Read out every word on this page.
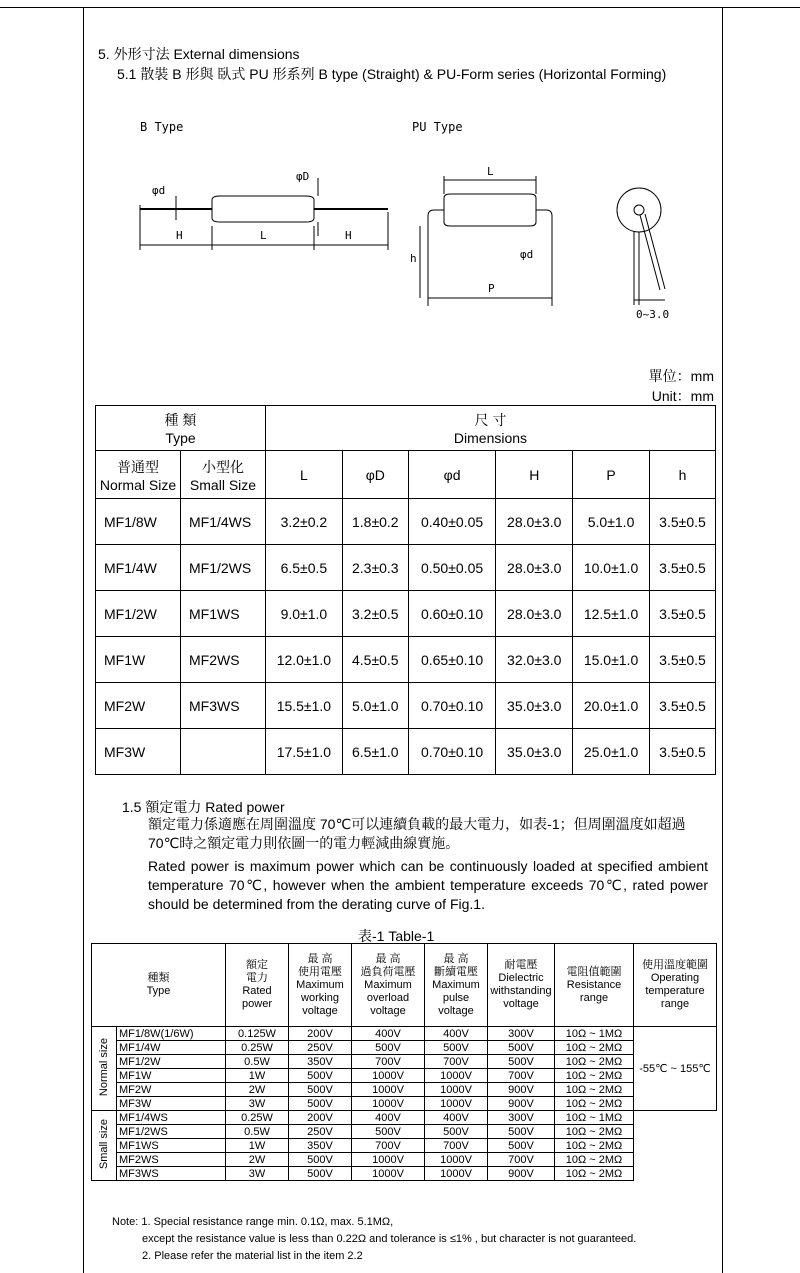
5. 外形寸法 External dimensions
5.1 散裝 B 形與 臥式 PU 形系列 B type (Straight) & PU-Form series (Horizontal Forming)
B Type	PU Type
φd
φD
H	L	H
L
h	φd
P
0~3.0
單位：mm
Unit：mm
種 類
Type		尺 寸
Dimensions					

普通型
Normal Size	小型化
Small Size	L	φD	φd	H	P	h
MF1/8W	MF1/4WS	3.2±0.2	1.8±0.2	0.40±0.05	28.0±3.0	5.0±1.0	3.5±0.5
MF1/4W	MF1/2WS	6.5±0.5	2.3±0.3	0.50±0.05	28.0±3.0	10.0±1.0	3.5±0.5
MF1/2W	MF1WS	9.0±1.0	3.2±0.5	0.60±0.10	28.0±3.0	12.5±1.0	3.5±0.5
MF1W	MF2WS	12.0±1.0	4.5±0.5	0.65±0.10	32.0±3.0	15.0±1.0	3.5±0.5
MF2W	MF3WS	15.5±1.0	5.0±1.0	0.70±0.10	35.0±3.0	20.0±1.0	3.5±0.5
MF3W		17.5±1.0	6.5±1.0	0.70±0.10	35.0±3.0	25.0±1.0	3.5±0.5
1.5 額定電力 Rated power
額定電力係適應在周圍溫度 70℃可以連續負載的最大電力，如表-1；但周圍溫度如超過 70℃時之額定電力則依圖一的電力輕減曲線實施。
Rated power is maximum power which can be continuously loaded at specified ambient temperature 70℃, however when the ambient temperature exceeds 70℃, rated power should be determined from the derating curve of Fig.1.
表-1 Table-1
種類
Type		額定
電力
Rated power	最 高
使用電壓
Maximum
working
voltage	最 高
過負荷電壓
Maximum
overload
voltage	最 高
斷續電壓
Maximum
pulse
voltage	耐電壓
Dielectric
withstanding
voltage	電阻值範圍
Resistance
range	使用溫度範圍
Operating
temperature
range

Normal size	MF1/8W(1/6W)	0.125W	200V	400V	400V	300V	10Ω ~ 1MΩ	-55℃ ~ 155℃
	MF1/4W	0.25W	250V	500V	500V	500V	10Ω ~ 2MΩ	
	MF1/2W	0.5W	350V	700V	700V	500V	10Ω ~ 2MΩ	
	MF1W	1W	500V	1000V	1000V	700V	10Ω ~ 2MΩ	
	MF2W	2W	500V	1000V	1000V	900V	10Ω ~ 2MΩ	
	MF3W	3W	500V	1000V	1000V	900V	10Ω ~ 2MΩ	
Small size	MF1/4WS	0.25W	200V	400V	400V	300V	10Ω ~ 1MΩ	
	MF1/2WS	0.5W	250V	500V	500V	500V	10Ω ~ 2MΩ	
	MF1WS	1W	350V	700V	700V	500V	10Ω ~ 2MΩ	
	MF2WS	2W	500V	1000V	1000V	700V	10Ω ~ 2MΩ	
	MF3WS	3W	500V	1000V	1000V	900V	10Ω ~ 2MΩ	
Note: 1. Special resistance range min. 0.1Ω, max. 5.1MΩ,
except the resistance value is less than 0.22Ω and tolerance is ≤1% , but character is not guaranteed.
2. Please refer the material list in the item 2.2
